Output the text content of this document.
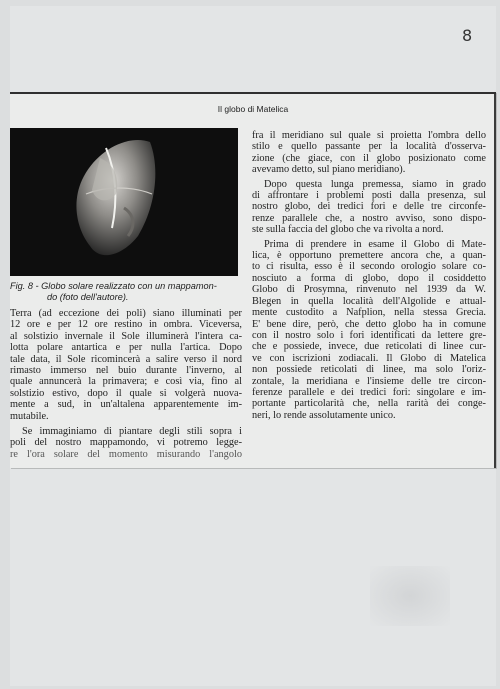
8
Il globo di Matelica
Fig. 8 - Globo solare realizzato con un mappamon-
do (foto dell'autore).
Terra (ad eccezione dei poli) siano illuminati per
12 ore e per 12 ore restino in ombra. Viceversa,
al solstizio invernale il Sole illuminerà l'intera ca-
lotta polare antartica e per nulla l'artica. Dopo
tale data, il Sole ricomincerà a salire verso il nord
rimasto immerso nel buio durante l'inverno, al
quale annuncerà la primavera; e così via, fino al
solstizio estivo, dopo il quale si volgerà nuova-
mente a sud, in un'altalena apparentemente im-
mutabile.
Se immaginiamo di piantare degli stili sopra i
poli del nostro mappamondo, vi potremo legge-
re l'ora solare del momento misurando l'angolo
fra il meridiano sul quale si proietta l'ombra dello
stilo e quello passante per la località d'osserva-
zione (che giace, con il globo posizionato come
avevamo detto, sul piano meridiano).
Dopo questa lunga premessa, siamo in grado
di affrontare i problemi posti dalla presenza, sul
nostro globo, dei tredici fori e delle tre circonfe-
renze parallele che, a nostro avviso, sono dispo-
ste sulla faccia del globo che va rivolta a nord.
Prima di prendere in esame il Globo di Mate-
lica, è opportuno premettere ancora che, a quan-
to ci risulta, esso è il secondo orologio solare co-
nosciuto a forma di globo, dopo il cosiddetto
Globo di Prosymna, rinvenuto nel 1939 da W.
Blegen in quella località dell'Algolide e attual-
mente custodito a Nafplion, nella stessa Grecia.
E' bene dire, però, che detto globo ha in comune
con il nostro solo i fori identificati da lettere gre-
che e possiede, invece, due reticolati di linee cur-
ve con iscrizioni zodiacali. Il Globo di Matelica
non possiede reticolati di linee, ma solo l'oriz-
zontale, la meridiana e l'insieme delle tre circon-
ferenze parallele e dei tredici fori: singolare e im-
portante particolarità che, nella rarità dei conge-
neri, lo rende assolutamente unico.
